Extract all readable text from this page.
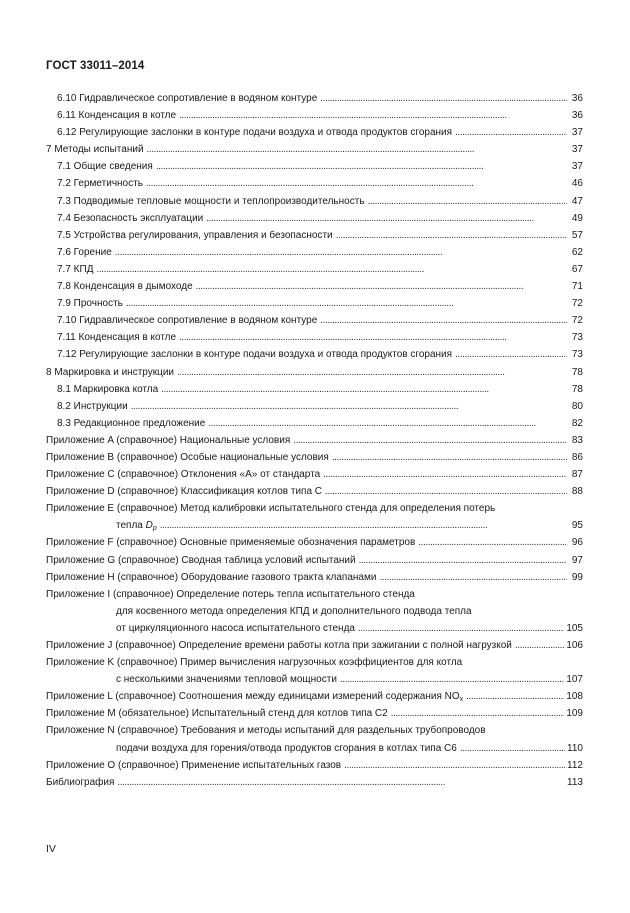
ГОСТ 33011–2014
6.10 Гидравлическое сопротивление в водяном контуре . . .	36
6.11 Конденсация в котле . . .	36
6.12 Регулирующие заслонки в контуре подачи воздуха и отвода продуктов сгорания . . .	37
7 Методы испытаний . . .	37
7.1 Общие сведения . . .	37
7.2 Герметичность . . .	46
7.3 Подводимые тепловые мощности и теплопроизводительность . . .	47
7.4 Безопасность эксплуатации . . .	49
7.5 Устройства регулирования, управления и безопасности . . .	57
7.6 Горение . . .	62
7.7 КПД . . .	67
7.8 Конденсация в дымоходе . . .	71
7.9 Прочность . . .	72
7.10 Гидравлическое сопротивление в водяном контуре . . .	72
7.11 Конденсация в котле . . .	73
7.12 Регулирующие заслонки в контуре подачи воздуха и отвода продуктов сгорания . . .	73
8 Маркировка и инструкции . . .	78
8.1 Маркировка котла . . .	78
8.2 Инструкции . . .	80
8.3 Редакционное предложение . . .	82
Приложение A (справочное) Национальные условия . . .	83
Приложение B (справочное) Особые национальные условия . . .	86
Приложение C (справочное) Отклонения «A» от стандарта . . .	87
Приложение D (справочное) Классификация котлов типа C . . .	88
Приложение E (справочное) Метод калибровки испытательного стенда для определения потерь
тепла $D_p$ . . .	95
Приложение F (справочное) Основные применяемые обозначения параметров . . .	96
Приложение G (справочное) Сводная таблица условий испытаний . . .	97
Приложение H (справочное) Оборудование газового тракта клапанами . . .	99
Приложение I (справочное) Определение потерь тепла испытательного стенда
для косвенного метода определения КПД и дополнительного подвода тепла
от циркуляционного насоса испытательного стенда . . .	105
Приложение J (справочное) Определение времени работы котла при зажигании с полной нагрузкой . . .	106
Приложение K (справочное) Пример вычисления нагрузочных коэффициентов для котла
с несколькими значениями тепловой мощности . . .	107
Приложение L (справочное) Соотношения между единицами измерений содержания $NO_x$ . . .	108
Приложение M (обязательное) Испытательный стенд для котлов типа C2 . . .	109
Приложение N (справочное) Требования и методы испытаний для раздельных трубопроводов
подачи воздуха для горения/отвода продуктов сгорания в котлах типа C6 . . .	110
Приложение O (справочное) Применение испытательных газов . . .	112
Библиография . . .	113
IV
